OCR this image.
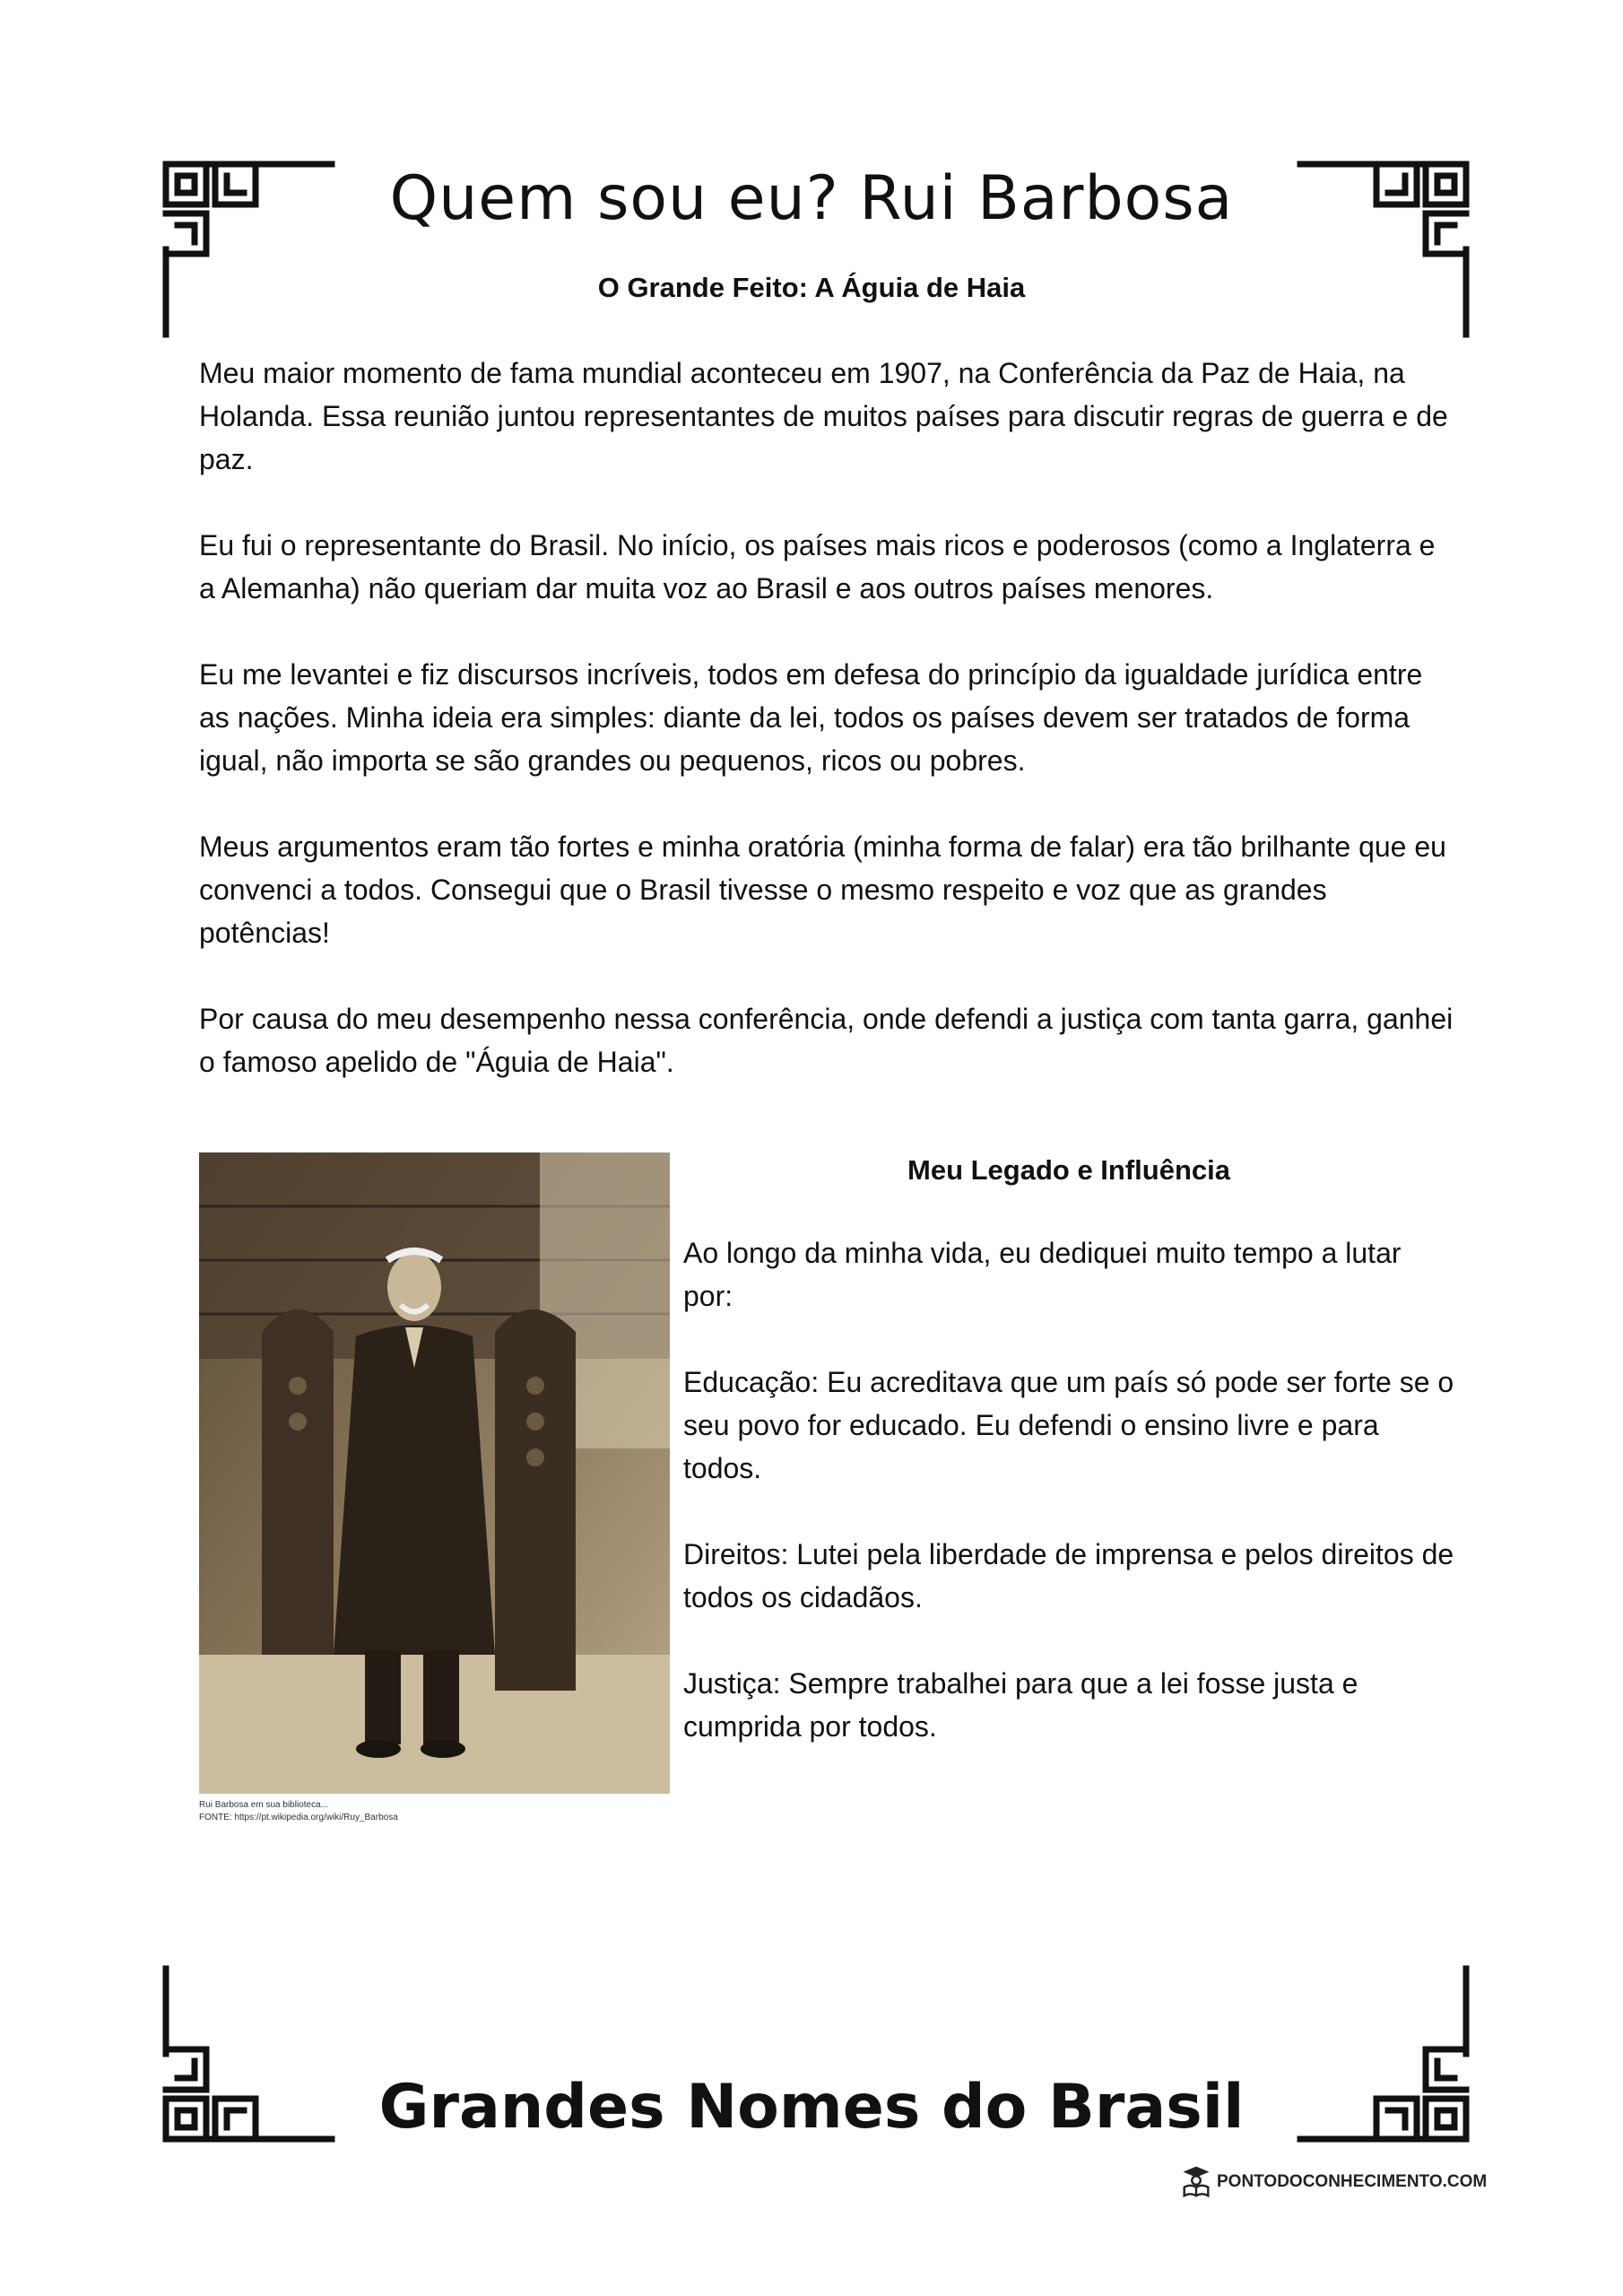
Quem sou eu? Rui Barbosa
O Grande Feito: A Águia de Haia

Meu maior momento de fama mundial aconteceu em 1907, na Conferência da Paz de Haia, na Holanda. Essa reunião juntou representantes de muitos países para discutir regras de guerra e de paz.

Eu fui o representante do Brasil. No início, os países mais ricos e poderosos (como a Inglaterra e a Alemanha) não queriam dar muita voz ao Brasil e aos outros países menores.

Eu me levantei e fiz discursos incríveis, todos em defesa do princípio da igualdade jurídica entre as nações. Minha ideia era simples: diante da lei, todos os países devem ser tratados de forma igual, não importa se são grandes ou pequenos, ricos ou pobres.

Meus argumentos eram tão fortes e minha oratória (minha forma de falar) era tão brilhante que eu convenci a todos. Consegui que o Brasil tivesse o mesmo respeito e voz que as grandes potências!

Por causa do meu desempenho nessa conferência, onde defendi a justiça com tanta garra, ganhei o famoso apelido de "Águia de Haia".

Rui Barbosa em sua biblioteca...
FONTE: https://pt.wikipedia.org/wiki/Ruy_Barbosa
Meu Legado e Influência

Ao longo da minha vida, eu dediquei muito tempo a lutar por:

Educação: Eu acreditava que um país só pode ser forte se o seu povo for educado. Eu defendi o ensino livre e para todos.

Direitos: Lutei pela liberdade de imprensa e pelos direitos de todos os cidadãos.

Justiça: Sempre trabalhei para que a lei fosse justa e cumprida por todos.

Grandes Nomes do Brasil
PONTODOCONHECIMENTO.COM
